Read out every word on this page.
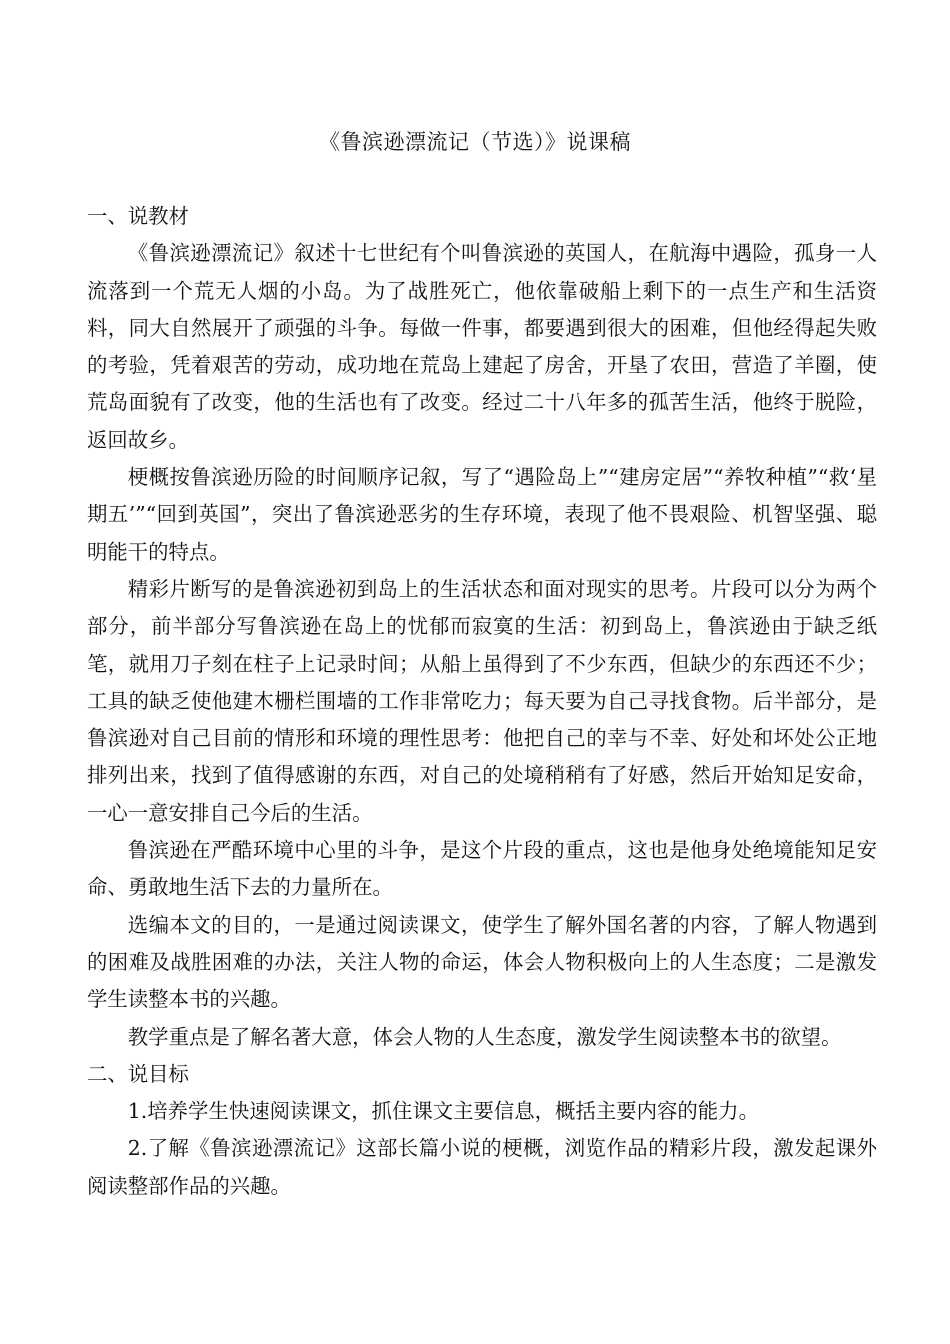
《鲁滨逊漂流记（节选）》说课稿

一、说教材

《鲁滨逊漂流记》叙述十七世纪有个叫鲁滨逊的英国人，在航海中遇险，孤身一人流落到一个荒无人烟的小岛。为了战胜死亡，他依靠破船上剩下的一点生产和生活资料，同大自然展开了顽强的斗争。每做一件事，都要遇到很大的困难，但他经得起失败的考验，凭着艰苦的劳动，成功地在荒岛上建起了房舍，开垦了农田，营造了羊圈，使荒岛面貌有了改变，他的生活也有了改变。经过二十八年多的孤苦生活，他终于脱险，返回故乡。

梗概按鲁滨逊历险的时间顺序记叙，写了“遇险岛上”“建房定居”“养牧种植”“救‘星期五’”“回到英国”，突出了鲁滨逊恶劣的生存环境，表现了他不畏艰险、机智坚强、聪明能干的特点。

精彩片断写的是鲁滨逊初到岛上的生活状态和面对现实的思考。片段可以分为两个部分，前半部分写鲁滨逊在岛上的忧郁而寂寞的生活：初到岛上，鲁滨逊由于缺乏纸笔，就用刀子刻在柱子上记录时间；从船上虽得到了不少东西，但缺少的东西还不少；工具的缺乏使他建木栅栏围墙的工作非常吃力；每天要为自己寻找食物。后半部分，是鲁滨逊对自己目前的情形和环境的理性思考：他把自己的幸与不幸、好处和坏处公正地排列出来，找到了值得感谢的东西，对自己的处境稍稍有了好感，然后开始知足安命，一心一意安排自己今后的生活。

鲁滨逊在严酷环境中心里的斗争，是这个片段的重点，这也是他身处绝境能知足安命、勇敢地生活下去的力量所在。

选编本文的目的，一是通过阅读课文，使学生了解外国名著的内容，了解人物遇到的困难及战胜困难的办法，关注人物的命运，体会人物积极向上的人生态度；二是激发学生读整本书的兴趣。

教学重点是了解名著大意，体会人物的人生态度，激发学生阅读整本书的欲望。

二、说目标

1.培养学生快速阅读课文，抓住课文主要信息，概括主要内容的能力。

2.了解《鲁滨逊漂流记》这部长篇小说的梗概，浏览作品的精彩片段，激发起课外阅读整部作品的兴趣。
